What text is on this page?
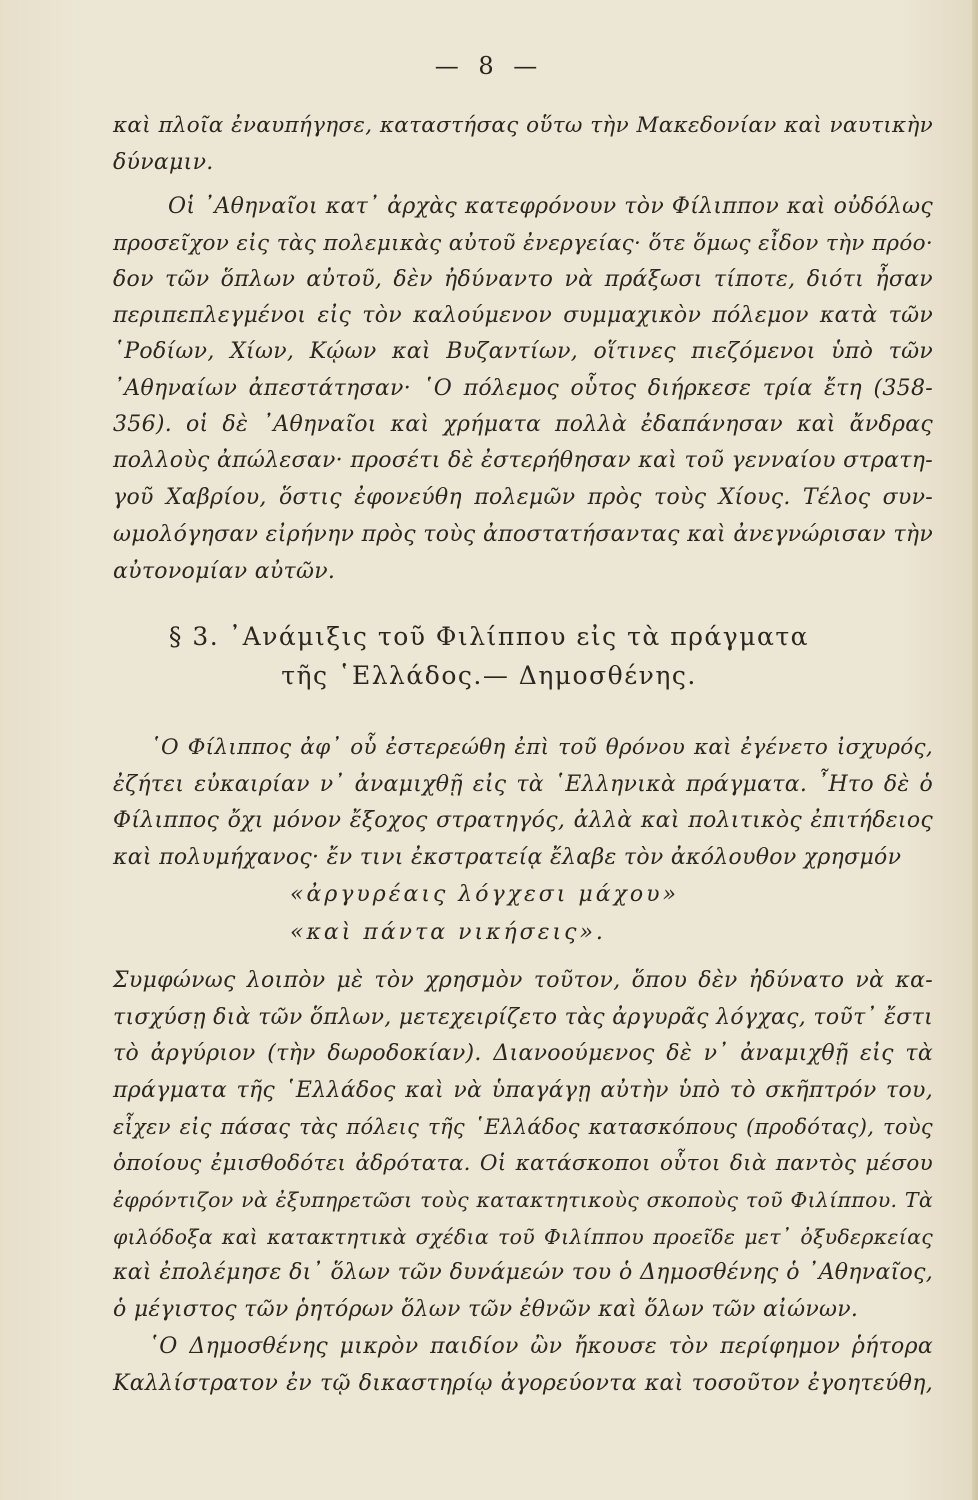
— 8 —
καὶ πλοῖα ἐναυπήγησε, καταστήσας οὕτω τὴν Μακεδονίαν καὶ ναυτικὴν
δύναμιν.
Οἱ ᾿Αθηναῖοι κατ᾿ ἀρχὰς κατεφρόνουν τὸν Φίλιππον καὶ οὐδόλως
προσεῖχον εἰς τὰς πολεμικὰς αὐτοῦ ἐνεργείας· ὅτε ὅμως εἶδον τὴν πρόο·
δον τῶν ὅπλων αὐτοῦ, δὲν ἠδύναντο νὰ πράξωσι τίποτε, διότι ἦσαν
περιπεπλεγμένοι εἰς τὸν καλούμενον συμμαχικὸν πόλεμον κατὰ τῶν
῾Ροδίων, Χίων, Κῴων καὶ Βυζαντίων, οἵτινες πιεζόμενοι ὑπὸ τῶν
᾿Αθηναίων ἀπεστάτησαν· ῾Ο πόλεμος οὗτος διήρκεσε τρία ἔτη (358-
356). οἱ δὲ ᾿Αθηναῖοι καὶ χρήματα πολλὰ ἐδαπάνησαν καὶ ἄνδρας
πολλοὺς ἀπώλεσαν· προσέτι δὲ ἐστερήθησαν καὶ τοῦ γενναίου στρατη-
γοῦ Χαβρίου, ὅστις ἐφονεύθη πολεμῶν πρὸς τοὺς Χίους. Τέλος συν-
ωμολόγησαν εἰρήνην πρὸς τοὺς ἀποστατήσαντας καὶ ἀνεγνώρισαν τὴν
αὐτονομίαν αὐτῶν.
§ 3. ᾿Ανάμιξις τοῦ Φιλίππου εἰς τὰ πράγματα
τῆς ῾Ελλάδος.— Δημοσθένης.
῾Ο Φίλιππος ἀφ᾿ οὗ ἐστερεώθη ἐπὶ τοῦ θρόνου καὶ ἐγένετο ἰσχυρός,
ἐζήτει εὐκαιρίαν ν᾿ ἀναμιχθῇ εἰς τὰ ῾Ελληνικὰ πράγματα. ῏Ητο δὲ ὁ
Φίλιππος ὄχι μόνον ἔξοχος στρατηγός, ἀλλὰ καὶ πολιτικὸς ἐπιτήδειος
καὶ πολυμήχανος· ἔν τινι ἐκστρατείᾳ ἔλαβε τὸν ἀκόλουθον χρησμόν
«ἀργυρέαις λόγχεσι μάχου»
«καὶ πάντα νικήσεις».
Συμφώνως λοιπὸν μὲ τὸν χρησμὸν τοῦτον, ὅπου δὲν ἠδύνατο νὰ κα-
τισχύσῃ διὰ τῶν ὅπλων, μετεχειρίζετο τὰς ἀργυρᾶς λόγχας, τοῦτ᾿ ἔστι
τὸ ἀργύριον (τὴν δωροδοκίαν). Διανοούμενος δὲ ν᾿ ἀναμιχθῇ εἰς τὰ
πράγματα τῆς ῾Ελλάδος καὶ νὰ ὑπαγάγῃ αὐτὴν ὑπὸ τὸ σκῆπτρόν του,
εἶχεν εἰς πάσας τὰς πόλεις τῆς ῾Ελλάδος κατασκόπους (προδότας), τοὺς
ὁποίους ἐμισθοδότει ἀδρότατα. Οἱ κατάσκοποι οὗτοι διὰ παντὸς μέσου
ἐφρόντιζον νὰ ἐξυπηρετῶσι τοὺς κατακτητικοὺς σκοποὺς τοῦ Φιλίππου. Τὰ
φιλόδοξα καὶ κατακτητικὰ σχέδια τοῦ Φιλίππου προεῖδε μετ᾿ ὀξυδερκείας
καὶ ἐπολέμησε δι᾿ ὅλων τῶν δυνάμεών του ὁ Δημοσθένης ὁ ᾿Αθηναῖος,
ὁ μέγιστος τῶν ῥητόρων ὅλων τῶν ἐθνῶν καὶ ὅλων τῶν αἰώνων.
῾Ο Δημοσθένης μικρὸν παιδίον ὢν ἤκουσε τὸν περίφημον ῥήτορα
Καλλίστρατον ἐν τῷ δικαστηρίῳ ἀγορεύοντα καὶ τοσοῦτον ἐγοητεύθη,
